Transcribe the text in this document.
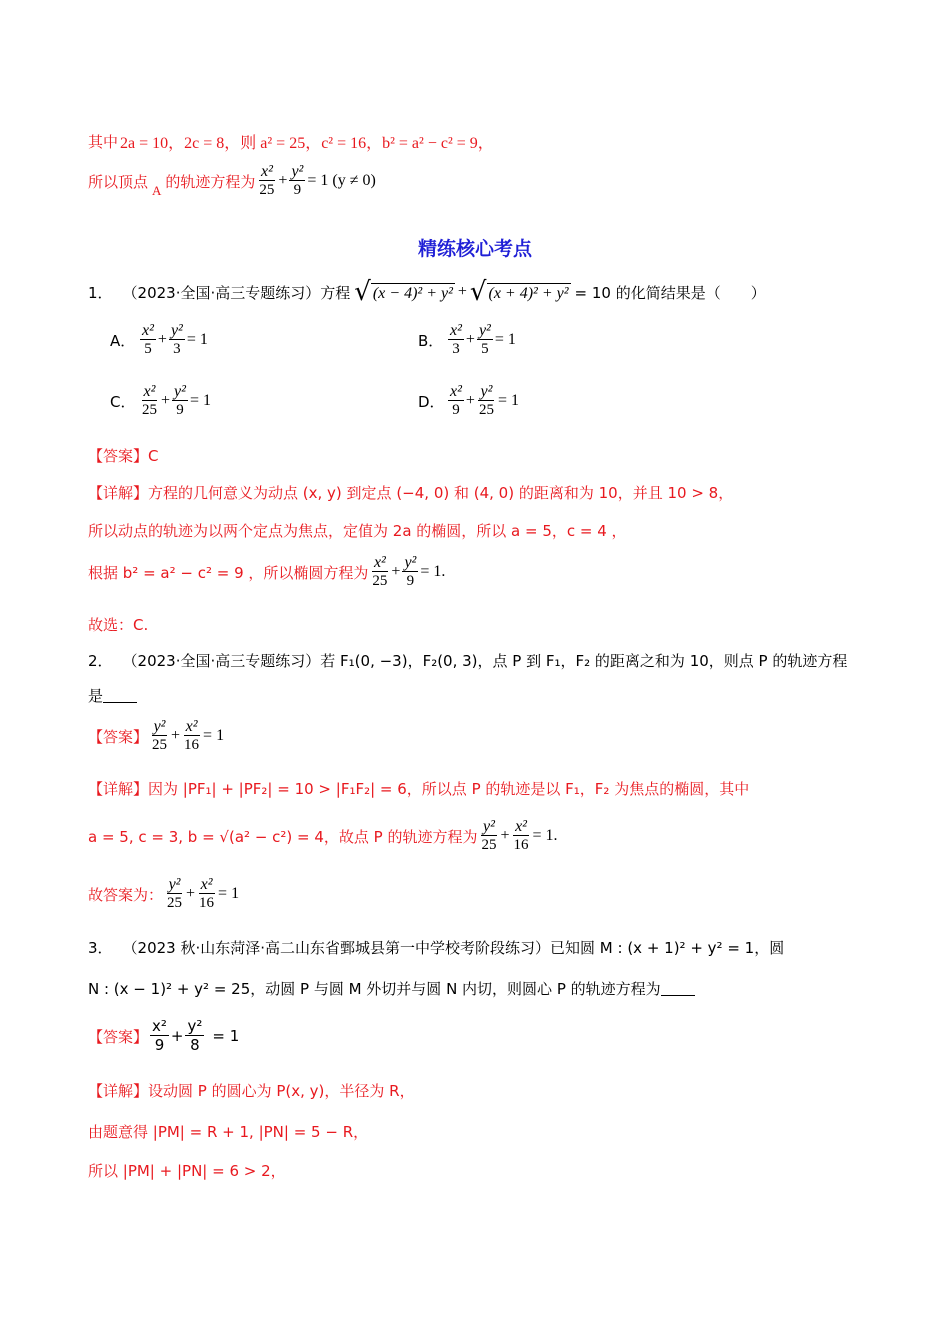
其中 2a = 10，2c = 8，则 a² = 25，c² = 16，b² = a² − c² = 9，
所以顶点 A 的轨迹方程为 $\frac{\text{x²}}{25} + \frac{\text{y²}}{9} = 1$ (y ≠ 0)
精练核心考点
1． （2023·全国·高三专题练习）方程 √ (x − 4)² + y² + √ (x + 4)² + y² = 10 的化简结果是（　　）
A． $\frac{\text{x²}}{5} + \frac{\text{y²}}{3} = 1$	B． $\frac{\text{x²}}{3} + \frac{\text{y²}}{5} = 1$
C． $\frac{\text{x²}}{25} + \frac{\text{y²}}{9} = 1$	D． $\frac{\text{x²}}{9} + \frac{\text{y²}}{25} = 1$
【答案】 C
【详解】 方程的几何意义为动点 (x, y) 到定点 (−4, 0) 和 (4, 0) 的距离和为 10，并且 10 > 8，
所以动点的轨迹为以两个定点为焦点，定值为 2a 的椭圆，所以 a = 5，c = 4 ，
根据 b² = a² − c² = 9 ，所以椭圆方程为 $\frac{\text{x²}}{25} + \frac{\text{y²}}{9} = 1$.
故选：C.
2． （2023·全国·高三专题练习）若 F₁(0, −3)，F₂(0, 3)，点 P 到 F₁，F₂ 的距离之和为 10，则点 P 的轨迹方程
是
【答案】 $\frac{\text{y²}}{25} + \frac{\text{x²}}{16} = 1$
【详解】 因为 |PF₁| + |PF₂| = 10 > |F₁F₂| = 6，所以点 P 的轨迹是以 F₁，F₂ 为焦点的椭圆，其中
a = 5, c = 3, b = √(a² − c²) = 4，故点 P 的轨迹方程为 $\frac{\text{y²}}{25} + \frac{\text{x²}}{16} = 1$.
故答案为： $\frac{\text{y²}}{25} + \frac{\text{x²}}{16} = 1$
3． （2023 秋·山东菏泽·高二山东省鄄城县第一中学校考阶段练习）已知圆 M : (x + 1)² + y² = 1，圆
N : (x − 1)² + y² = 25，动圆 P 与圆 M 外切并与圆 N 内切，则圆心 P 的轨迹方程为
【答案】 $\frac{\text{x²}}{9} + \frac{\text{y²}}{8} = 1$
【详解】 设动圆 P 的圆心为 P(x, y)，半径为 R，
由题意得 |PM| = R + 1, |PN| = 5 − R，
所以 |PM| + |PN| = 6 > 2，
